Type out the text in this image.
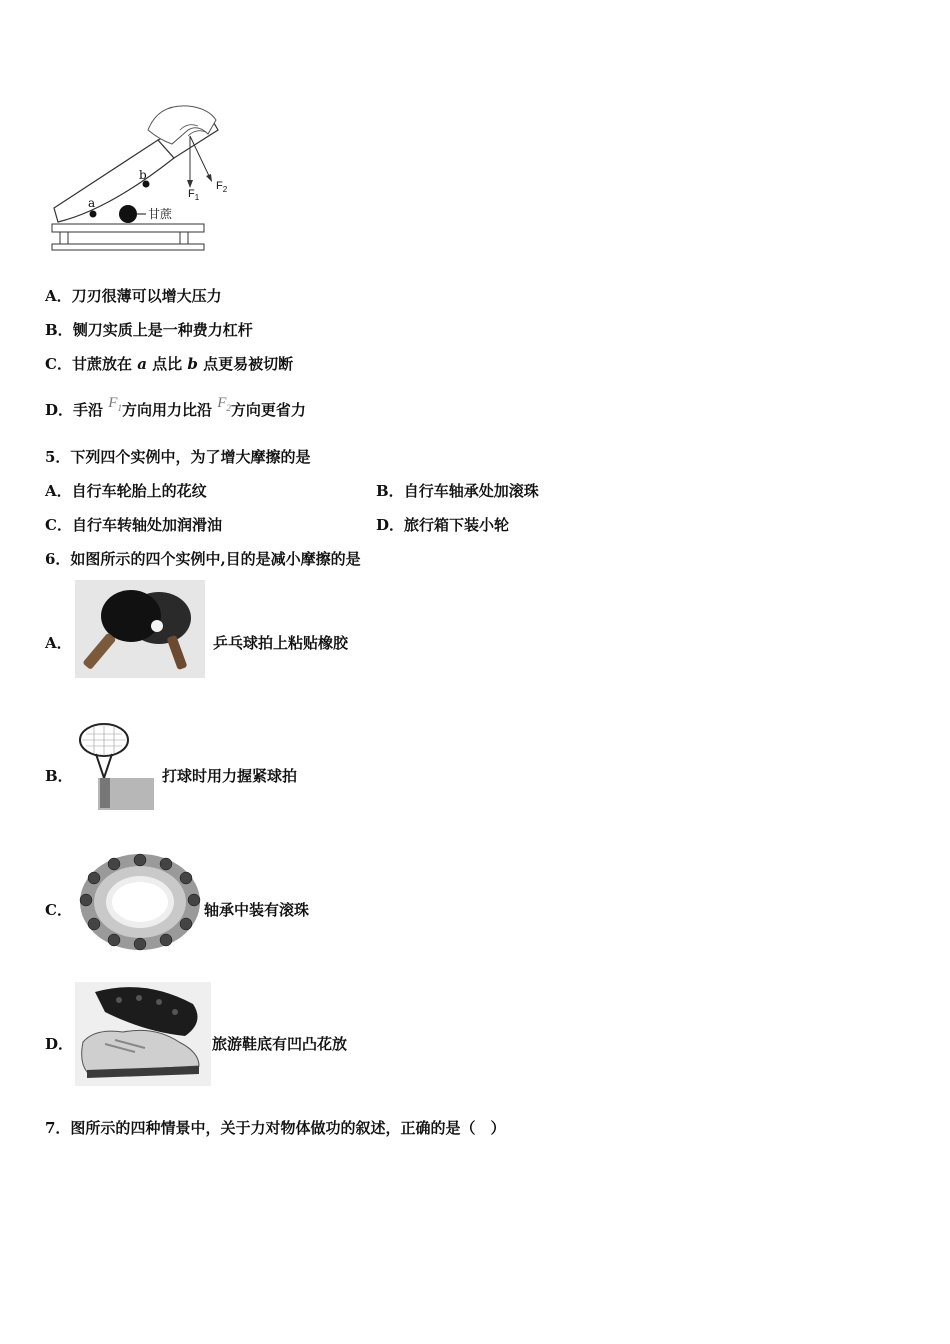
a
b
甘蔗
$F_1$
$F_2$
A．刀刃很薄可以增大压力
B．铡刀实质上是一种费力杠杆
C．甘蔗放在 a 点比 b 点更易被切断
D．手沿 $F_1$方向用力比沿 $F_2$方向更省力
5．下列四个实例中，为了增大摩擦的是
A．自行车轮胎上的花纹	B．自行车轴承处加滚珠
C．自行车转轴处加润滑油	D．旅行箱下装小轮
6．如图所示的四个实例中,目的是减小摩擦的是
A．	乒乓球拍上粘贴橡胶
B．	打球时用力握紧球拍
C．	轴承中装有滚珠
D．	旅游鞋底有凹凸花放
7．图所示的四种情景中，关于力对物体做功的叙述，正确的是（　）
